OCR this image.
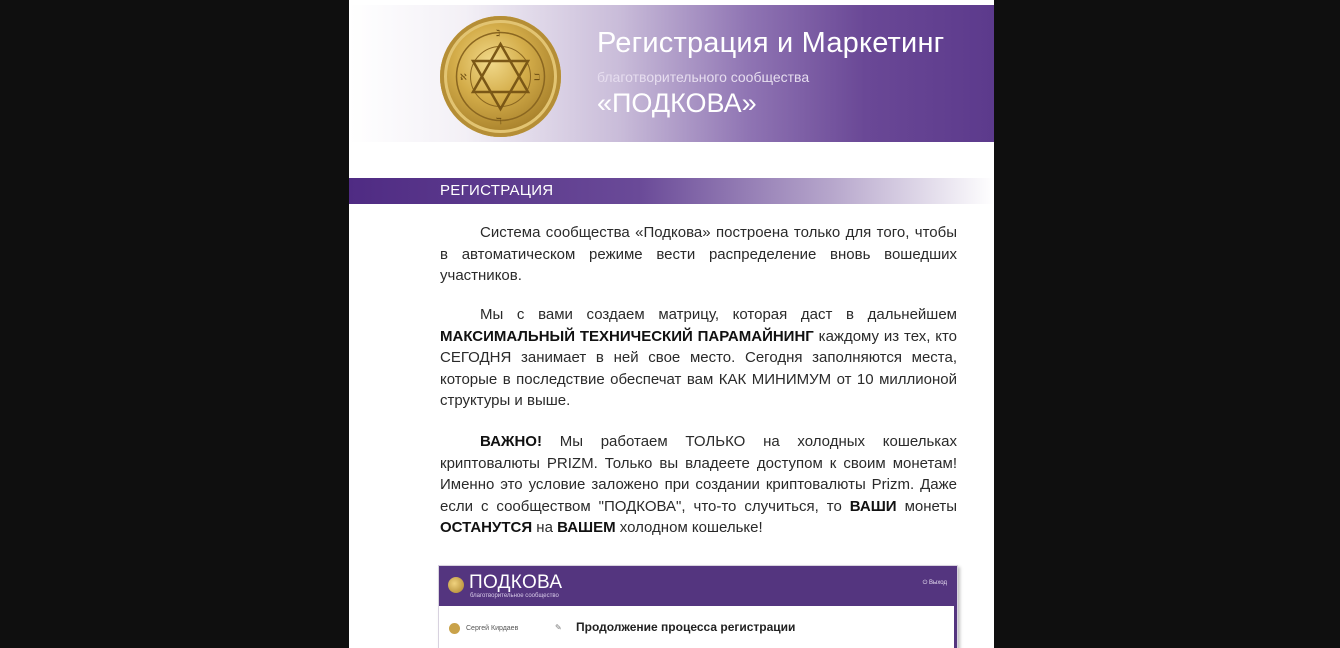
ℵ	ℶ
ℷ
ℸ
Регистрация и Маркетинг
благотворительного сообщества
«ПОДКОВА»
РЕГИСТРАЦИЯ
Система сообщества «Подкова» построена только для того, чтобы в автоматическом режиме вести распределение вновь вошедших участников.
Мы с вами создаем матрицу, которая даст в дальнейшем МАКСИМАЛЬНЫЙ ТЕХНИЧЕСКИЙ ПАРАМАЙНИНГ каждому из тех, кто СЕГОДНЯ занимает в ней свое место. Сегодня заполняются места, которые в последствие обеспечат вам КАК МИНИМУМ от 10 миллионой структуры и выше.
ВАЖНО! Мы работаем ТОЛЬКО на холодных кошельках криптовалюты PRIZM. Только вы владеете доступом к своим монетам! Именно это условие заложено при создании криптовалюты Prizm. Даже если с сообществом "ПОДКОВА", что-то случиться, то ВАШИ монеты ОСТАНУТСЯ на ВАШЕМ холодном кошельке!
ПОДКОВА
благотворительное сообщество
⏻ Выход
Сергей Кирдаев	✎ Продолжение процесса регистрации
